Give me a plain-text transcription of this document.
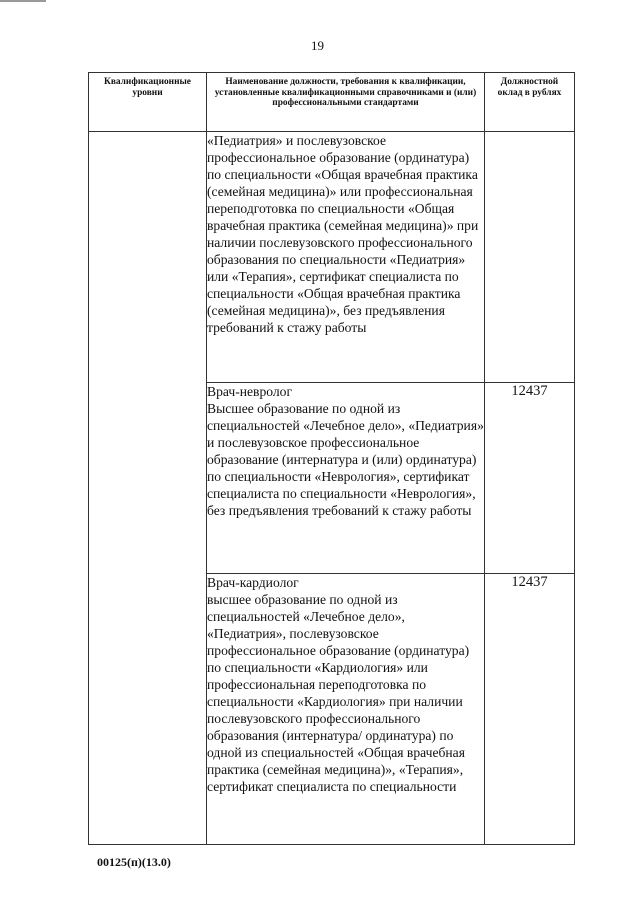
19
Квалификационные уровни	Наименование должности, требования к квалификации, установленные квалификационными справочниками и (или) профессиональными стандартами	Должностной оклад в рублях

	«Педиатрия» и послевузовское профессиональное образование (ординатура) по специальности «Общая врачебная практика (семейная медицина)» или профессиональная переподготовка по специальности «Общая врачебная практика (семейная медицина)» при наличии послевузовского профессионального образования по специальности «Педиатрия» или «Терапия», сертификат специалиста по специальности «Общая врачебная практика (семейная медицина)», без предъявления требований к стажу работы	

	Врач-невролог
Высшее образование по одной из специальностей «Лечебное дело», «Педиатрия» и послевузовское профессиональное образование (интернатура и (или) ординатура) по специальности «Неврология», сертификат специалиста по специальности «Неврология», без предъявления требований к стажу работы	12437

	Врач-кардиолог
высшее образование по одной из специальностей «Лечебное дело», «Педиатрия», послевузовское профессиональное образование (ординатура) по специальности «Кардиология» или профессиональная переподготовка по специальности «Кардиология» при наличии послевузовского профессионального образования (интернатура/ ординатура) по одной из специальностей «Общая врачебная практика (семейная медицина)», «Терапия», сертификат специалиста по специальности	12437
00125(п)(13.0)
